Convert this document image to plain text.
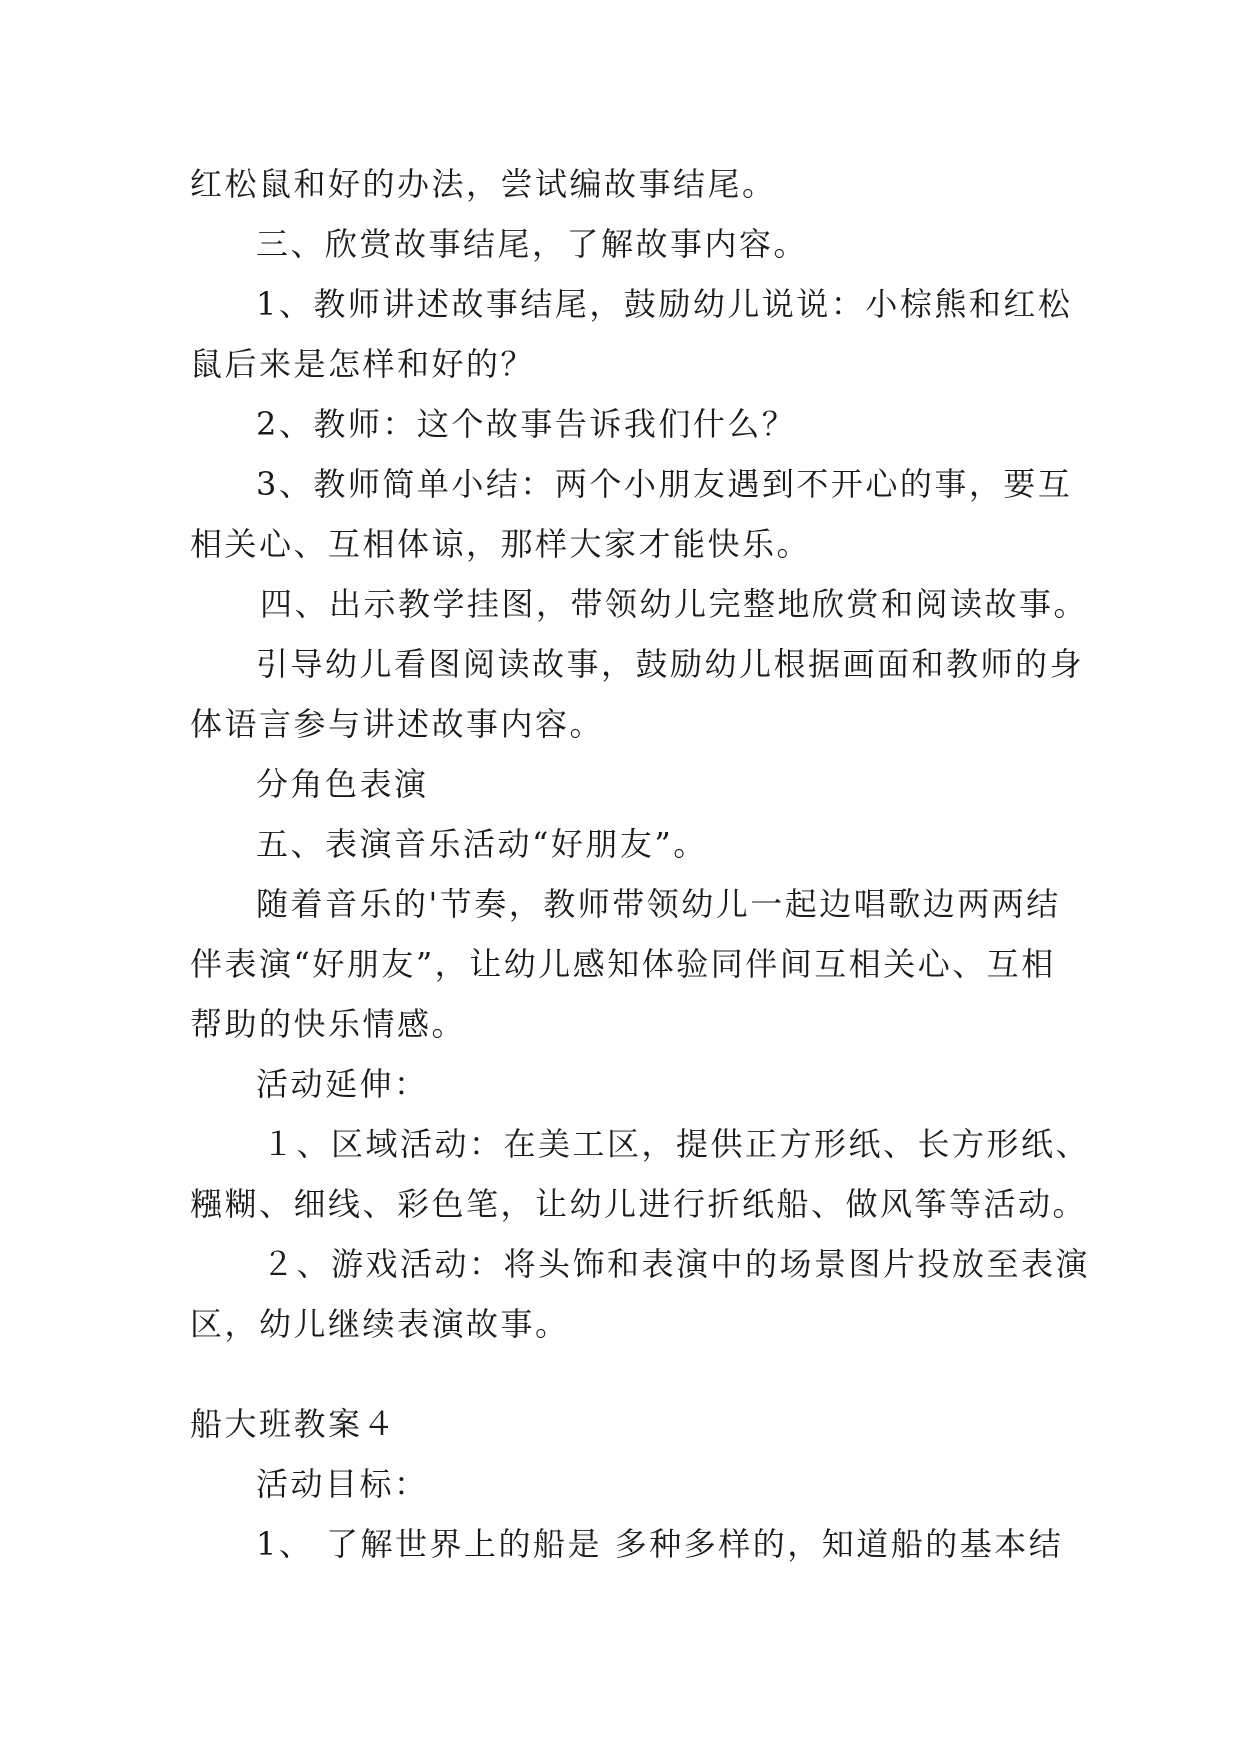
红松鼠和好的办法，尝试编故事结尾。
三、欣赏故事结尾，了解故事内容。
1、教师讲述故事结尾，鼓励幼儿说说：小棕熊和红松
鼠后来是怎样和好的？
2、教师：这个故事告诉我们什么？
3、教师简单小结：两个小朋友遇到不开心的事，要互
相关心、互相体谅，那样大家才能快乐。
四、出示教学挂图，带领幼儿完整地欣赏和阅读故事。
引导幼儿看图阅读故事，鼓励幼儿根据画面和教师的身
体语言参与讲述故事内容。
分角色表演
五、表演音乐活动“好朋友”。
随着音乐的'节奏，教师带领幼儿一起边唱歌边两两结
伴表演“好朋友”，让幼儿感知体验同伴间互相关心、互相
帮助的快乐情感。
活动延伸：
１、区域活动：在美工区，提供正方形纸、长方形纸、
糨糊、细线、彩色笔，让幼儿进行折纸船、做风筝等活动。
２、游戏活动：将头饰和表演中的场景图片投放至表演
区，幼儿继续表演故事。
船大班教案４
活动目标：
1、 了解世界上的船是 多种多样的，知道船的基本结
